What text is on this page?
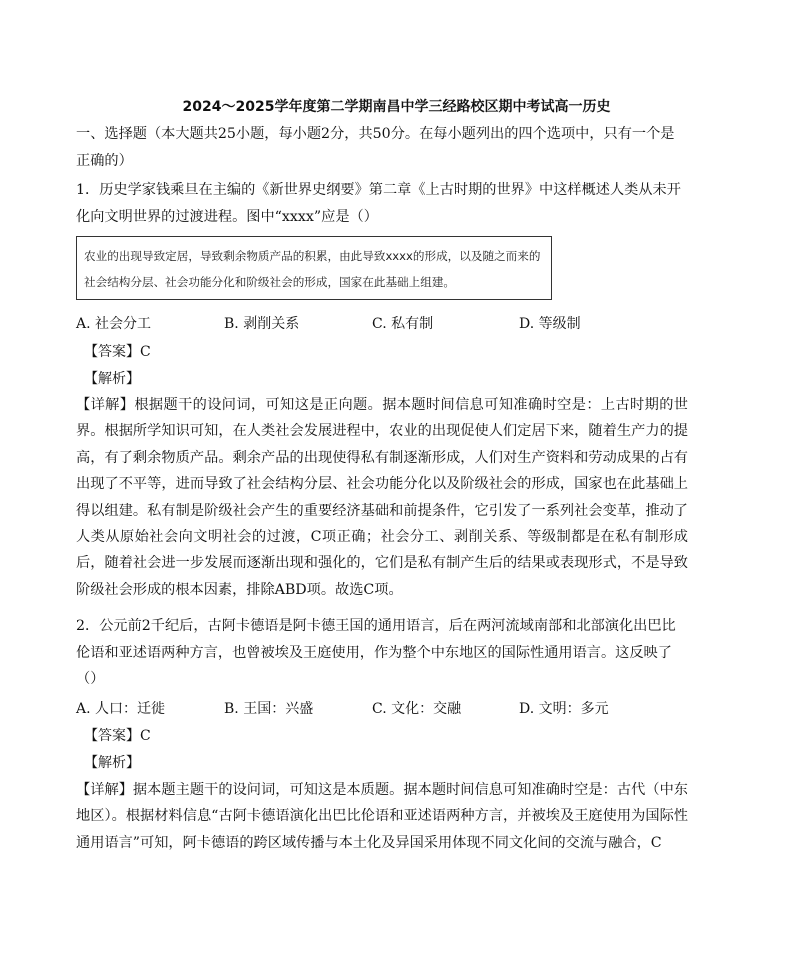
2024～2025学年度第二学期南昌中学三经路校区期中考试高一历史
一、选择题（本大题共25小题，每小题2分，共50分。在每小题列出的四个选项中，只有一个是正确的）
1．历史学家钱乘旦在主编的《新世界史纲要》第二章《上古时期的世界》中这样概述人类从未开化向文明世界的过渡进程。图中“xxxx”应是（）
农业的出现导致定居，导致剩余物质产品的积累，由此导致xxxx的形成，以及随之而来的社会结构分层、社会功能分化和阶级社会的形成，国家在此基础上组建。
A. 社会分工	B. 剥削关系	C. 私有制	D. 等级制
【答案】C
【解析】
【详解】根据题干的设问词，可知这是正向题。据本题时间信息可知准确时空是：上古时期的世界。根据所学知识可知，在人类社会发展进程中，农业的出现促使人们定居下来，随着生产力的提高，有了剩余物质产品。剩余产品的出现使得私有制逐渐形成，人们对生产资料和劳动成果的占有出现了不平等，进而导致了社会结构分层、社会功能分化以及阶级社会的形成，国家也在此基础上得以组建。私有制是阶级社会产生的重要经济基础和前提条件，它引发了一系列社会变革，推动了人类从原始社会向文明社会的过渡，C项正确；社会分工、剥削关系、等级制都是在私有制形成后，随着社会进一步发展而逐渐出现和强化的，它们是私有制产生后的结果或表现形式，不是导致阶级社会形成的根本因素，排除ABD项。故选C项。
2．公元前2千纪后，古阿卡德语是阿卡德王国的通用语言，后在两河流域南部和北部演化出巴比伦语和亚述语两种方言，也曾被埃及王庭使用，作为整个中东地区的国际性通用语言。这反映了（）
A. 人口：迁徙	B. 王国：兴盛	C. 文化：交融	D. 文明：多元
【答案】C
【解析】
【详解】据本题主题干的设问词，可知这是本质题。据本题时间信息可知准确时空是：古代（中东地区）。根据材料信息“古阿卡德语演化出巴比伦语和亚述语两种方言，并被埃及王庭使用为国际性通用语言”可知，阿卡德语的跨区域传播与本土化及异国采用体现不同文化间的交流与融合，C
